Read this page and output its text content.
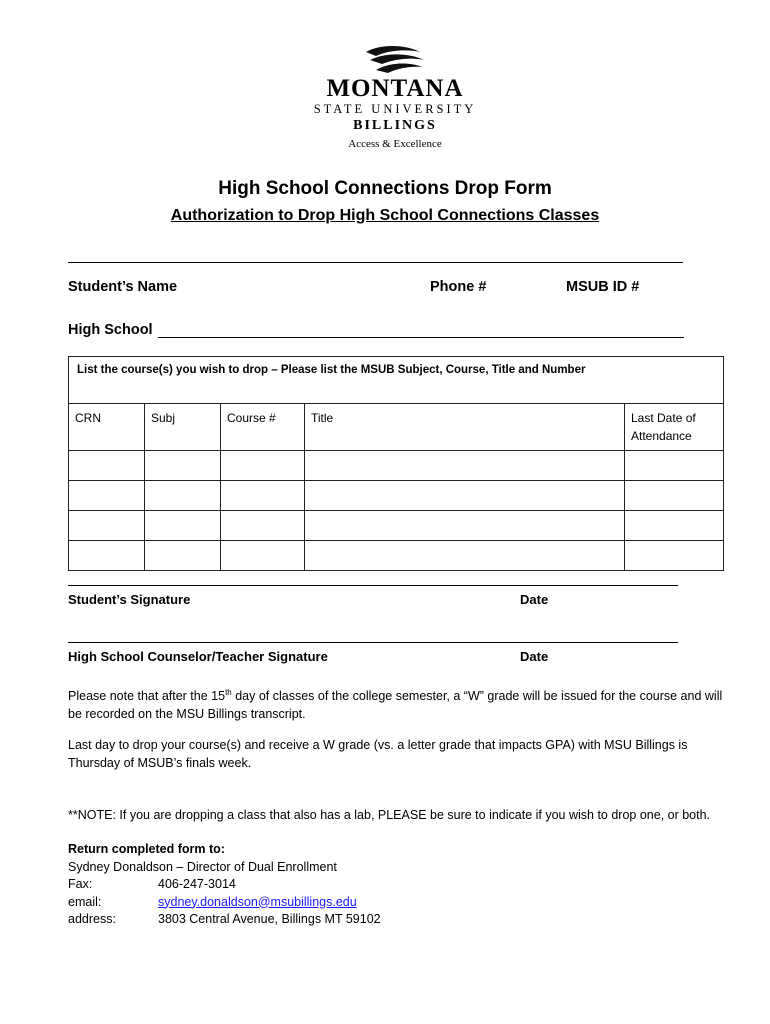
MONTANA
STATE UNIVERSITY
BILLINGS
Access & Excellence
High School Connections Drop Form
Authorization to Drop High School Connections Classes
Student’s Name	Phone #	MSUB ID #
High School
List the course(s) you wish to drop – Please list the MSUB Subject, Course, Title and Number				
CRN	Subj	Course #	Title	Last Date of Attendance

Student’s Signature	Date
High School Counselor/Teacher Signature	Date
Please note that after the 15th day of classes of the college semester, a “W” grade will be issued for the course and will be recorded on the MSU Billings transcript.
Last day to drop your course(s) and receive a W grade (vs. a letter grade that impacts GPA) with MSU Billings is Thursday of MSUB’s finals week.
**NOTE: If you are dropping a class that also has a lab, PLEASE be sure to indicate if you wish to drop one, or both.
Return completed form to:
Sydney Donaldson – Director of Dual Enrollment
Fax:	406-247-3014
email:	sydney.donaldson@msubillings.edu
address:	3803 Central Avenue, Billings MT 59102
